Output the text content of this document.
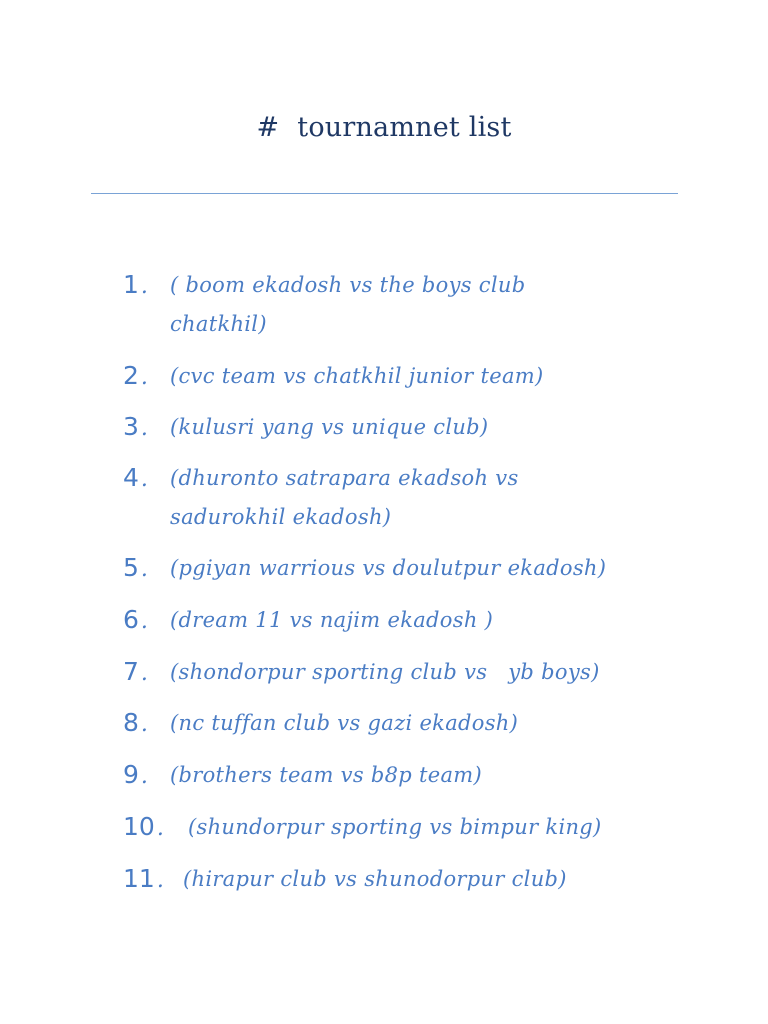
# tournamnet list
1. ( boom ekadosh vs the boys club
chatkhil)
2. (cvc team vs chatkhil junior team)
3. (kulusri yang vs unique club)
4. (dhuronto satrapara ekadsoh vs
sadurokhil ekadosh)
5. (pgiyan warrious vs doulutpur ekadosh)
6. (dream 11 vs najim ekadosh )
7. (shondorpur sporting club vs   yb boys)
8. (nc tuffan club vs gazi ekadosh)
9. (brothers team vs b8p team)
10. (shundorpur sporting vs bimpur king)
11. (hirapur club vs shunodorpur club)
